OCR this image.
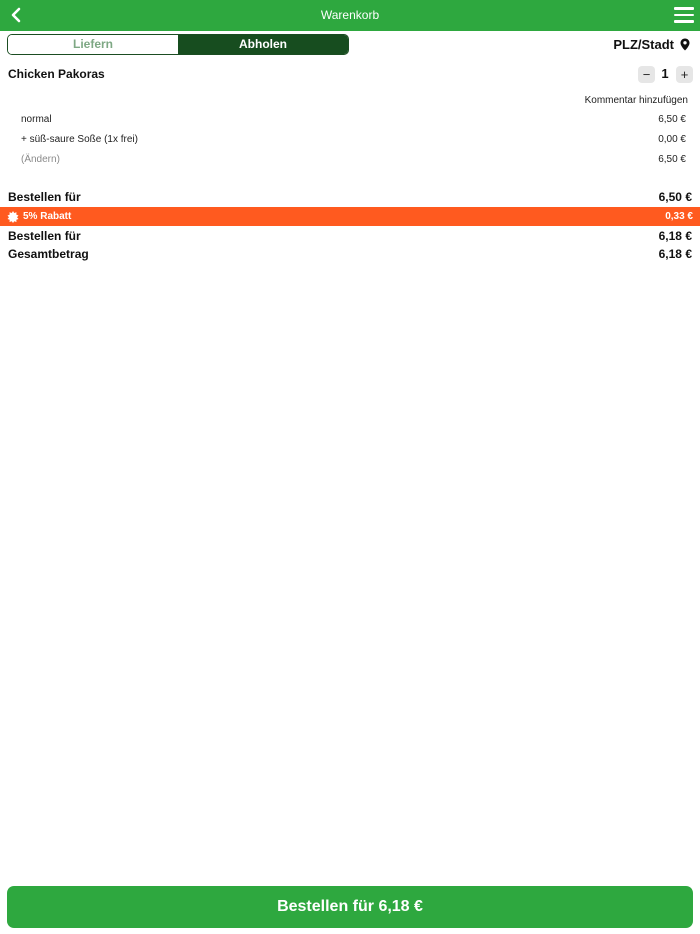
Warenkorb
Liefern	Abholen	PLZ/Stadt
Chicken Pakoras	− 1 +
Kommentar hinzufügen
normal	6,50 €
+ süß-saure Soße (1x frei)	0,00 €
(Ändern)	6,50 €
Bestellen für	6,50 €
5% Rabatt	0,33 €
Bestellen für	6,18 €
Gesamtbetrag	6,18 €
Bestellen für 6,18 €
